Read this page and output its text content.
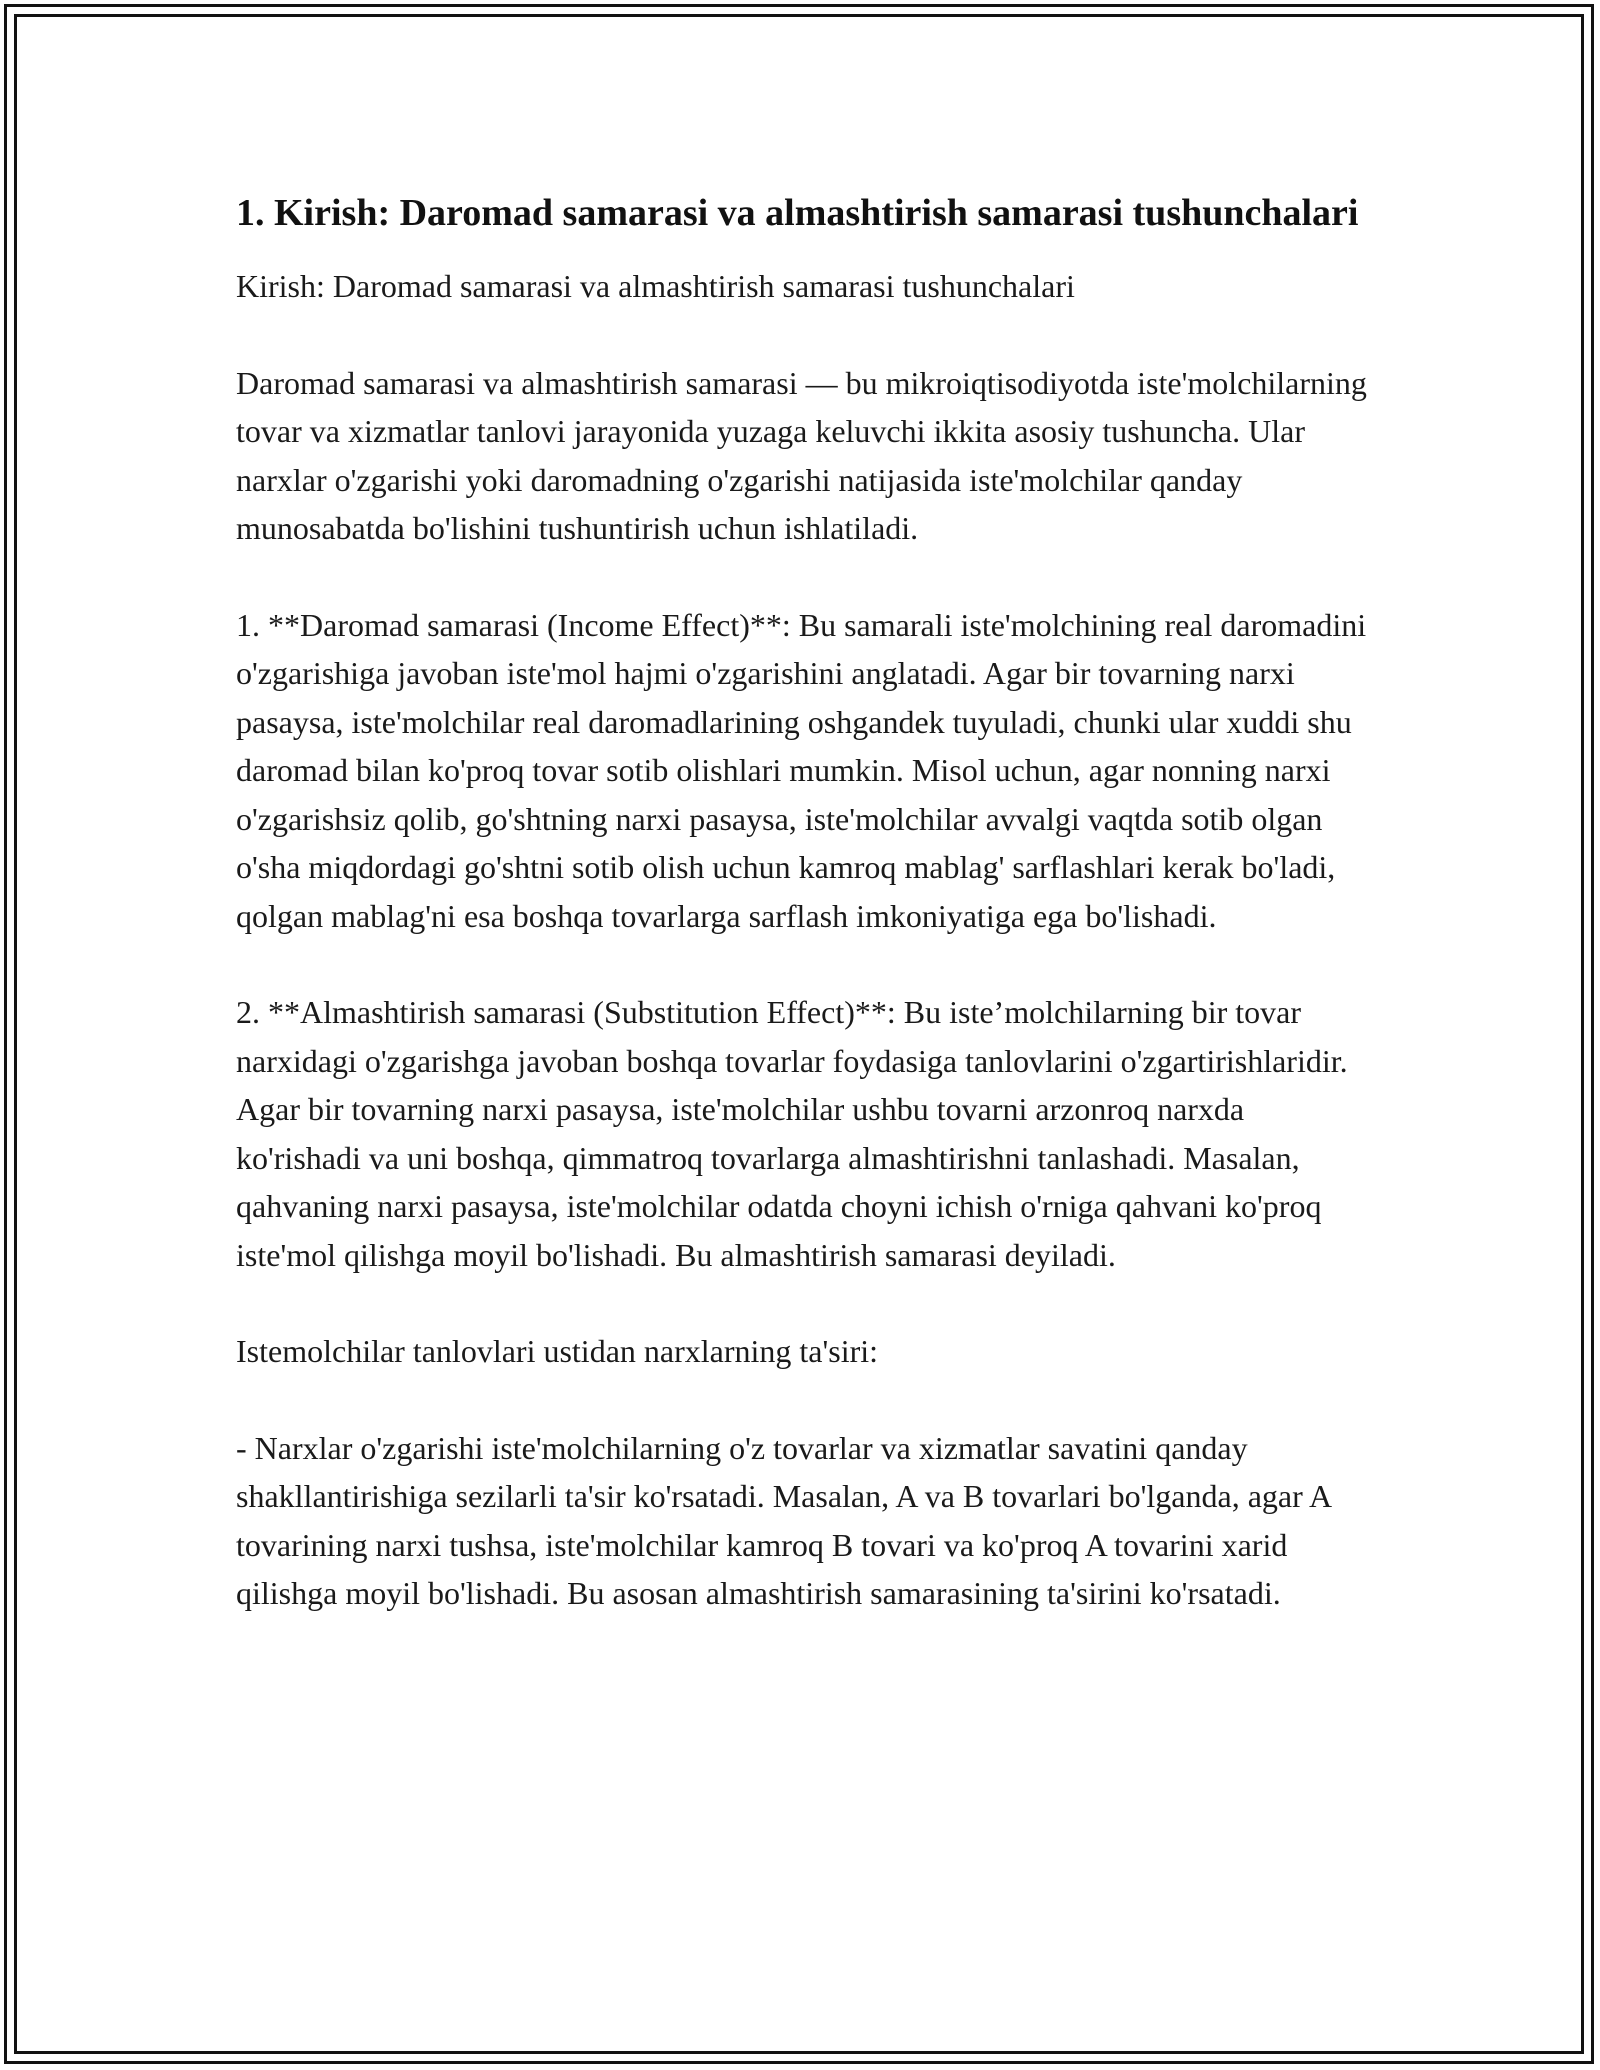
1. Kirish: Daromad samarasi va almashtirish samarasi tushunchalari

Kirish: Daromad samarasi va almashtirish samarasi tushunchalari

Daromad samarasi va almashtirish samarasi — bu mikroiqtisodiyotda iste'molchilarning tovar va xizmatlar tanlovi jarayonida yuzaga keluvchi ikkita asosiy tushuncha. Ular narxlar o'zgarishi yoki daromadning o'zgarishi natijasida iste'molchilar qanday munosabatda bo'lishini tushuntirish uchun ishlatiladi.

1. **Daromad samarasi (Income Effect)**: Bu samarali iste'molchining real daromadini o'zgarishiga javoban iste'mol hajmi o'zgarishini anglatadi. Agar bir tovarning narxi pasaysa, iste'molchilar real daromadlarining oshgandek tuyuladi, chunki ular xuddi shu daromad bilan ko'proq tovar sotib olishlari mumkin. Misol uchun, agar nonning narxi o'zgarishsiz qolib, go'shtning narxi pasaysa, iste'molchilar avvalgi vaqtda sotib olgan o'sha miqdordagi go'shtni sotib olish uchun kamroq mablag' sarflashlari kerak bo'ladi, qolgan mablag'ni esa boshqa tovarlarga sarflash imkoniyatiga ega bo'lishadi.

2. **Almashtirish samarasi (Substitution Effect)**: Bu iste’molchilarning bir tovar narxidagi o'zgarishga javoban boshqa tovarlar foydasiga tanlovlarini o'zgartirishlaridir. Agar bir tovarning narxi pasaysa, iste'molchilar ushbu tovarni arzonroq narxda ko'rishadi va uni boshqa, qimmatroq tovarlarga almashtirishni tanlashadi. Masalan, qahvaning narxi pasaysa, iste'molchilar odatda choyni ichish o'rniga qahvani ko'proq iste'mol qilishga moyil bo'lishadi. Bu almashtirish samarasi deyiladi.

Istemolchilar tanlovlari ustidan narxlarning ta'siri:

- Narxlar o'zgarishi iste'molchilarning o'z tovarlar va xizmatlar savatini qanday shakllantirishiga sezilarli ta'sir ko'rsatadi. Masalan, A va B tovarlari bo'lganda, agar A tovarining narxi tushsa, iste'molchilar kamroq B tovari va ko'proq A tovarini xarid qilishga moyil bo'lishadi. Bu asosan almashtirish samarasining ta'sirini ko'rsatadi.
